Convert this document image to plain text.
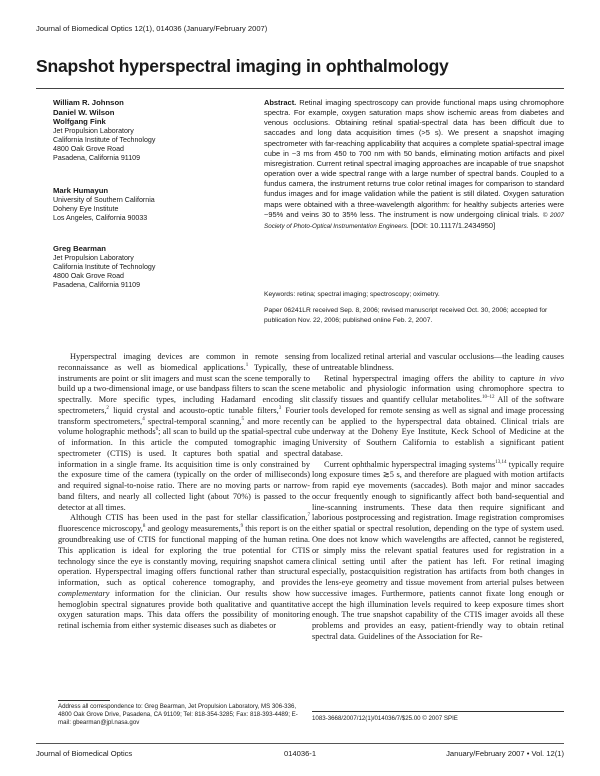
Journal of Biomedical Optics 12(1), 014036 (January/February 2007)
Snapshot hyperspectral imaging in ophthalmology
William R. Johnson
Daniel W. Wilson
Wolfgang Fink
Jet Propulsion Laboratory
California Institute of Technology
4800 Oak Grove Road
Pasadena, California 91109
Mark Humayun
University of Southern California
Doheny Eye Institute
Los Angeles, California 90033
Greg Bearman
Jet Propulsion Laboratory
California Institute of Technology
4800 Oak Grove Road
Pasadena, California 91109
Abstract. Retinal imaging spectroscopy can provide functional maps using chromophore spectra. For example, oxygen saturation maps show ischemic areas from diabetes and venous occlusions. Obtaining retinal spatial-spectral data has been difficult due to saccades and long data acquisition times (>5 s). We present a snapshot imaging spectrometer with far-reaching applicability that acquires a complete spatial-spectral image cube in ~3 ms from 450 to 700 nm with 50 bands, eliminating motion artifacts and pixel misregistration. Current retinal spectral imaging approaches are incapable of true snapshot operation over a wide spectral range with a large number of spectral bands. Coupled to a fundus camera, the instrument returns true color retinal images for comparison to standard fundus images and for image validation while the patient is still dilated. Oxygen saturation maps were obtained with a three-wavelength algorithm: for healthy subjects arteries were ~95% and veins 30 to 35% less. The instrument is now undergoing clinical trials. © 2007 Society of Photo-Optical Instrumentation Engineers. [DOI: 10.1117/1.2434950]
Keywords: retina; spectral imaging; spectroscopy; oximetry.
Paper 06241LR received Sep. 8, 2006; revised manuscript received Oct. 30, 2006; accepted for publication Nov. 22, 2006; published online Feb. 2, 2007.

Hyperspectral imaging devices are common in remote sensing reconnaissance as well as biomedical applications.$^1$ Typically, these instruments are point or slit imagers and must scan the scene temporally to build up a two-dimensional image, or use bandpass filters to scan the scene spectrally. More specific types, including Hadamard encoding slit spectrometers,$^2$ liquid crystal and acousto-optic tunable filters,$^3$ Fourier transform spectrometers,$^4$ spectral-temporal scanning,$^5$ and more recently volume holographic methods$^6$; all scan to build up the spatial-spectral cube of information. In this article the computed tomographic imaging spectrometer (CTIS) is used. It captures both spatial and spectral information in a single frame. Its acquisition time is only constrained by the exposure time of the camera (typically on the order of milliseconds) and required signal-to-noise ratio. There are no moving parts or narrow-band filters, and nearly all collected light (about 70%) is passed to the detector at all times.

Although CTIS has been used in the past for stellar classification,$^7$ fluorescence microscopy,$^8$ and geology measurements,$^9$ this report is on the groundbreaking use of CTIS for functional mapping of the human retina. This application is ideal for exploring the true potential for CTIS technology since the eye is constantly moving, requiring snapshot camera operation. Hyperspectral imaging offers functional rather than structural information, such as optical coherence tomography, and provides complementary information for the clinician. Our results show how hemoglobin spectral signatures provide both qualitative and quantitative oxygen saturation maps. This data offers the possibility of monitoring retinal ischemia from either systemic diseases such as diabetes or

from localized retinal arterial and vascular occlusions—the leading causes of untreatable blindness.

Retinal hyperspectral imaging offers the ability to capture in vivo metabolic and physiologic information using chromophore spectra to classify tissues and quantify cellular metabolites.$^{10-12}$ All of the software tools developed for remote sensing as well as signal and image processing can be applied to the hyperspectral data obtained. Clinical trials are underway at the Doheny Eye Institute, Keck School of Medicine at the University of Southern California to establish a significant patient database.

Current ophthalmic hyperspectral imaging systems$^{13,14}$ typically require long exposure times ≳5 s, and therefore are plagued with motion artifacts from rapid eye movements (saccades). Both major and minor saccades occur frequently enough to significantly affect both band-sequential and line-scanning instruments. These data then require significant and laborious postprocessing and registration. Image registration compromises either spatial or spectral resolution, depending on the type of system used. One does not know which wavelengths are affected, cannot be registered, or simply miss the relevant spatial features used for registration in a clinical setting until after the patient has left. For retinal imaging especially, postacquisition registration has artifacts from both changes in the lens-eye geometry and tissue movement from arterial pulses between successive images. Furthermore, patients cannot fixate long enough or accept the high illumination levels required to keep exposure times short enough. The true snapshot capability of the CTIS imager avoids all these problems and provides an easy, patient-friendly way to obtain retinal spectral data. Guidelines of the Association for Re-

Address all correspondence to: Greg Bearman, Jet Propulsion Laboratory, MS 306-336, 4800 Oak Grove Drive, Pasadena, CA 91109; Tel: 818-354-3285; Fax: 818-393-4489; E-mail: gbearman@jpl.nasa.gov
1083-3668/2007/12(1)/014036/7/$25.00 © 2007 SPIE
Journal of Biomedical Optics	014036-1	January/February 2007 • Vol. 12(1)
